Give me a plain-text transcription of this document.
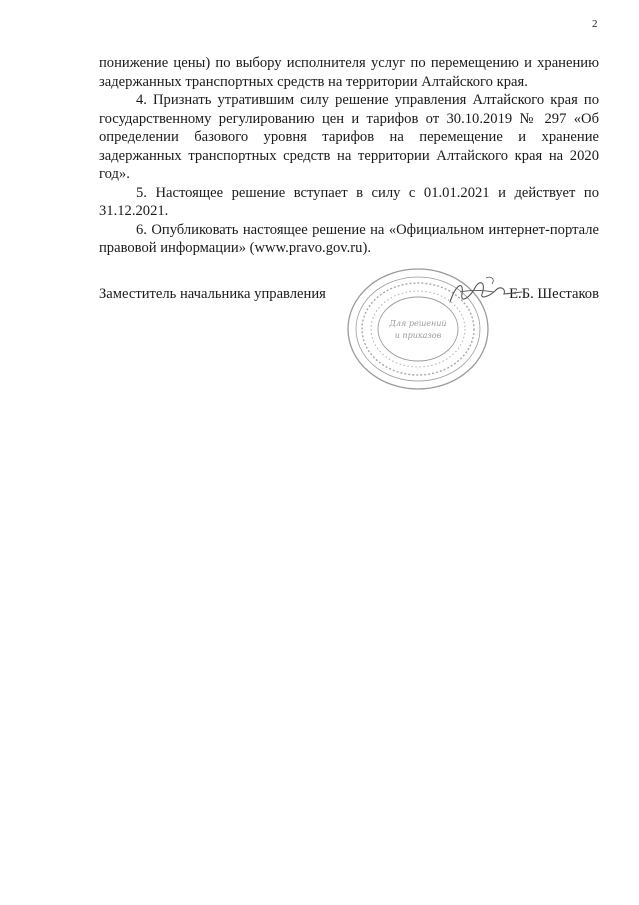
2

понижение цены) по выбору исполнителя услуг по перемещению и хранению задержанных транспортных средств на территории Алтайского края.

4. Признать утратившим силу решение управления Алтайского края по государственному регулированию цен и тарифов от 30.10.2019 № 297 «Об определении базового уровня тарифов на перемещение и хранение задержанных транспортных средств на территории Алтайского края на 2020 год».

5. Настоящее решение вступает в силу с 01.01.2021 и действует по 31.12.2021.

6. Опубликовать настоящее решение на «Официальном интернет-портале правовой информации» (www.pravo.gov.ru).

Заместитель начальника управления	Е.Б. Шестаков
Для решений
и приказов
